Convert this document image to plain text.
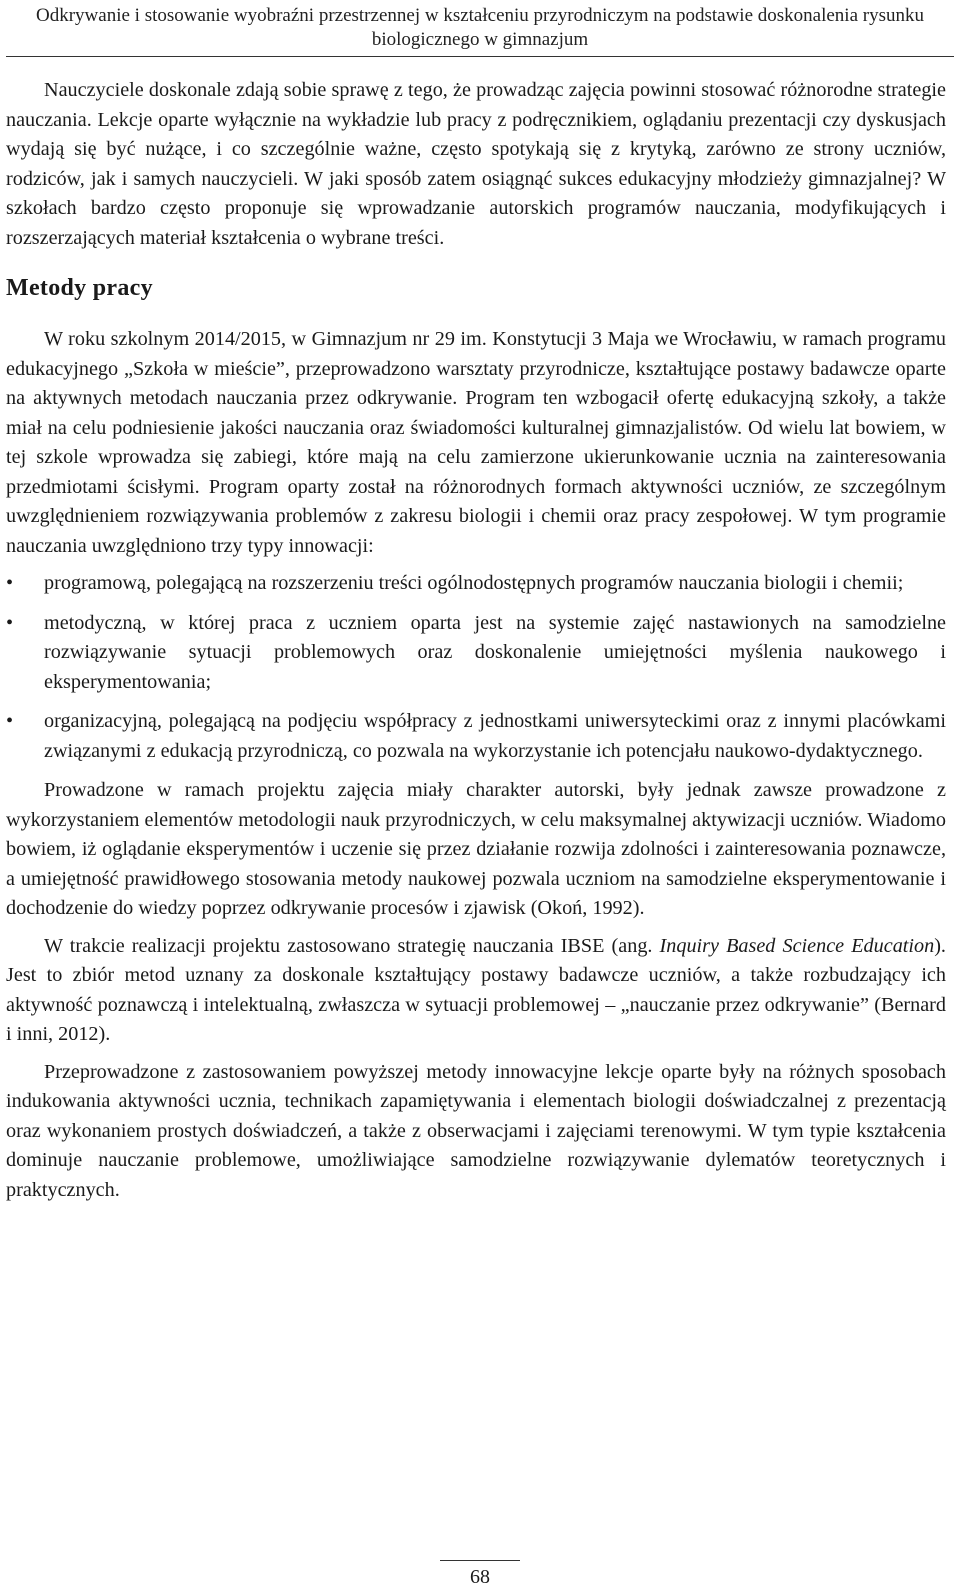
Odkrywanie i stosowanie wyobraźni przestrzennej w kształceniu przyrodniczym na podstawie doskonalenia rysunku biologicznego w gimnazjum

Nauczyciele doskonale zdają sobie sprawę z tego, że prowadząc zajęcia powinni stosować różnorodne strategie nauczania. Lekcje oparte wyłącznie na wykładzie lub pracy z podręcznikiem, oglądaniu prezentacji czy dyskusjach wydają się być nużące, i co szczególnie ważne, często spotykają się z krytyką, zarówno ze strony uczniów, rodziców, jak i samych nauczycieli. W jaki sposób zatem osiągnąć sukces edukacyjny młodzieży gimnazjalnej? W szkołach bardzo często proponuje się wprowadzanie autorskich programów nauczania, modyfikujących i rozszerzających materiał kształcenia o wybrane treści.

Metody pracy

W roku szkolnym 2014/2015, w Gimnazjum nr 29 im. Konstytucji 3 Maja we Wrocławiu, w ramach programu edukacyjnego „Szkoła w mieście”, przeprowadzono warsztaty przyrodnicze, kształtujące postawy badawcze oparte na aktywnych metodach nauczania przez odkrywanie. Program ten wzbogacił ofertę edukacyjną szkoły, a także miał na celu podniesienie jakości nauczania oraz świadomości kulturalnej gimnazjalistów. Od wielu lat bowiem, w tej szkole wprowadza się zabiegi, które mają na celu zamierzone ukierunkowanie ucznia na zainteresowania przedmiotami ścisłymi. Program oparty został na różnorodnych formach aktywności uczniów, ze szczególnym uwzględnieniem rozwiązywania problemów z zakresu biologii i chemii oraz pracy zespołowej. W tym programie nauczania uwzględniono trzy typy innowacji:

• programową, polegającą na rozszerzeniu treści ogólnodostępnych programów nauczania biologii i chemii;
• metodyczną, w której praca z uczniem oparta jest na systemie zajęć nastawionych na samodzielne rozwiązywanie sytuacji problemowych oraz doskonalenie umiejętności myślenia naukowego i eksperymentowania;
• organizacyjną, polegającą na podjęciu współpracy z jednostkami uniwersyteckimi oraz z innymi placówkami związanymi z edukacją przyrodniczą, co pozwala na wykorzystanie ich potencjału naukowo-dydaktycznego.

Prowadzone w ramach projektu zajęcia miały charakter autorski, były jednak zawsze prowadzone z wykorzystaniem elementów metodologii nauk przyrodniczych, w celu maksymalnej aktywizacji uczniów. Wiadomo bowiem, iż oglądanie eksperymentów i uczenie się przez działanie rozwija zdolności i zainteresowania poznawcze, a umiejętność prawidłowego stosowania metody naukowej pozwala uczniom na samodzielne eksperymentowanie i dochodzenie do wiedzy poprzez odkrywanie procesów i zjawisk (Okoń, 1992).

W trakcie realizacji projektu zastosowano strategię nauczania IBSE (ang. Inquiry Based Science Education). Jest to zbiór metod uznany za doskonale kształtujący postawy badawcze uczniów, a także rozbudzający ich aktywność poznawczą i intelektualną, zwłaszcza w sytuacji problemowej – „nauczanie przez odkrywanie” (Bernard i inni, 2012).

Przeprowadzone z zastosowaniem powyższej metody innowacyjne lekcje oparte były na różnych sposobach indukowania aktywności ucznia, technikach zapamiętywania i elementach biologii doświadczalnej z prezentacją oraz wykonaniem prostych doświadczeń, a także z obserwacjami i zajęciami terenowymi. W tym typie kształcenia dominuje nauczanie problemowe, umożliwiające samodzielne rozwiązywanie dylematów teoretycznych i praktycznych.

68
